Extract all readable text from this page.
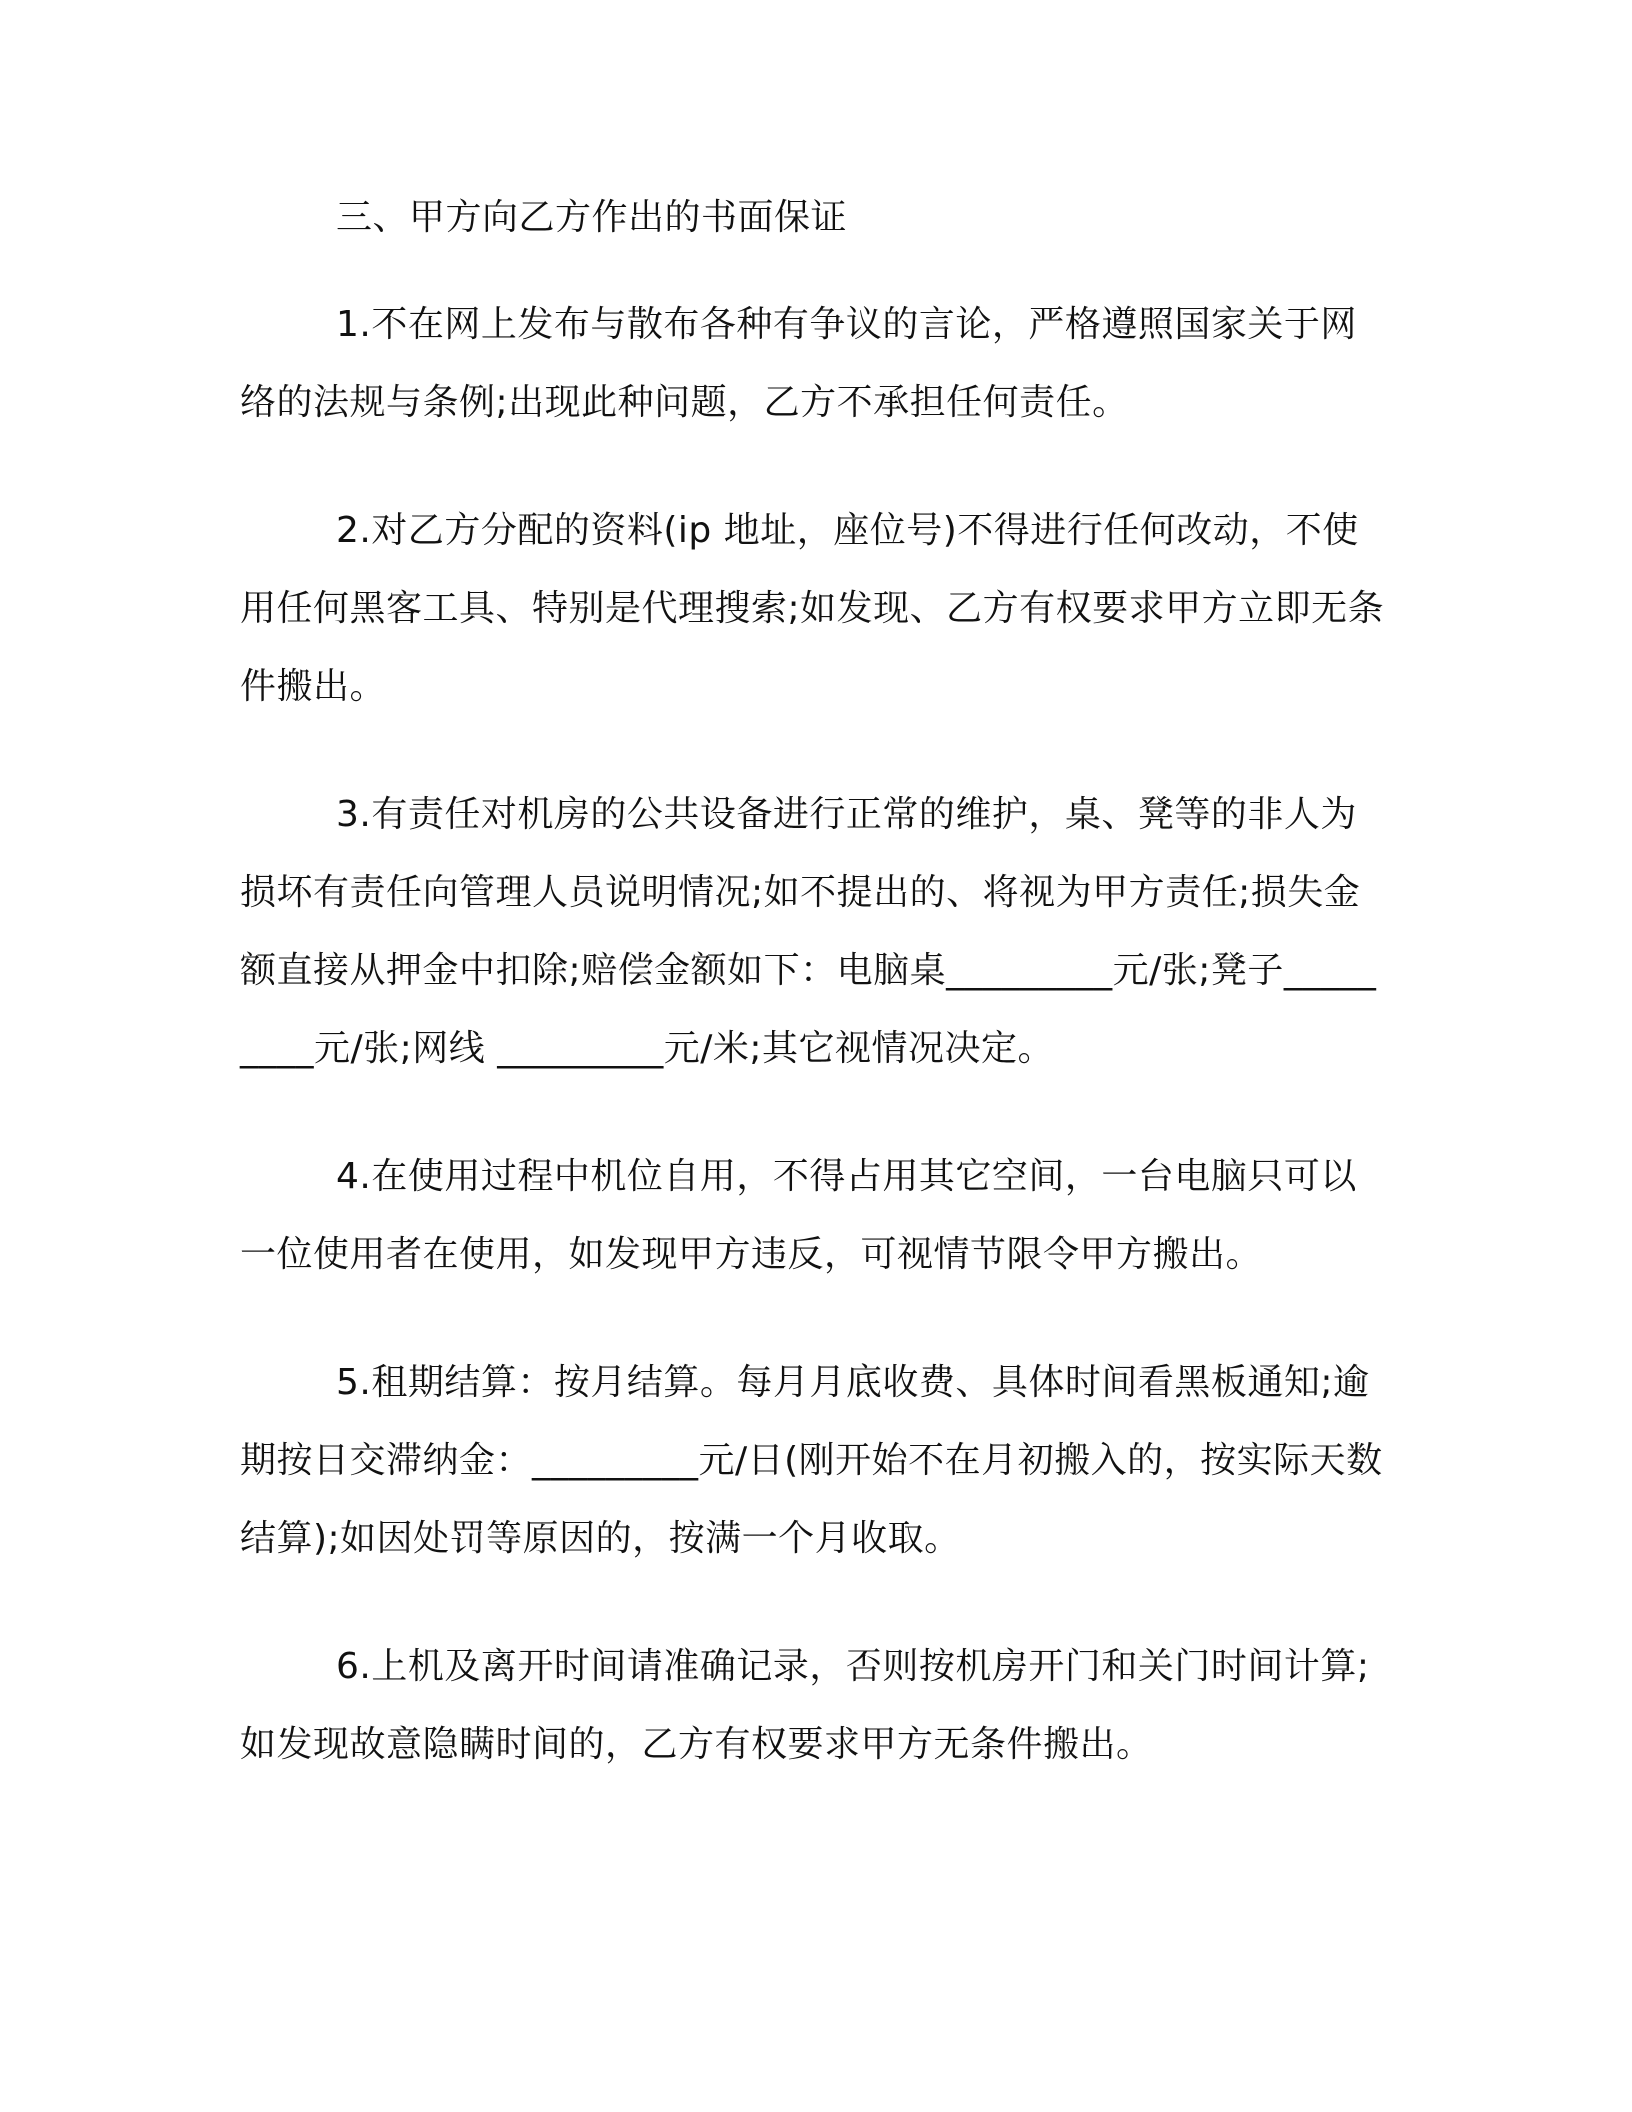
三、甲方向乙方作出的书面保证

1.不在网上发布与散布各种有争议的言论，严格遵照国家关于网络的法规与条例;出现此种问题，乙方不承担任何责任。

2.对乙方分配的资料(ip 地址，座位号)不得进行任何改动，不使用任何黑客工具、特别是代理搜索;如发现、乙方有权要求甲方立即无条件搬出。

3.有责任对机房的公共设备进行正常的维护，桌、凳等的非人为损坏有责任向管理人员说明情况;如不提出的、将视为甲方责任;损失金额直接从押金中扣除;赔偿金额如下：电脑桌_________元/张;凳子_________元/张;网线 _________元/米;其它视情况决定。

4.在使用过程中机位自用，不得占用其它空间，一台电脑只可以一位使用者在使用，如发现甲方违反，可视情节限令甲方搬出。

5.租期结算：按月结算。每月月底收费、具体时间看黑板通知;逾期按日交滞纳金：_________元/日(刚开始不在月初搬入的，按实际天数结算);如因处罚等原因的，按满一个月收取。

6.上机及离开时间请准确记录，否则按机房开门和关门时间计算;如发现故意隐瞒时间的，乙方有权要求甲方无条件搬出。
